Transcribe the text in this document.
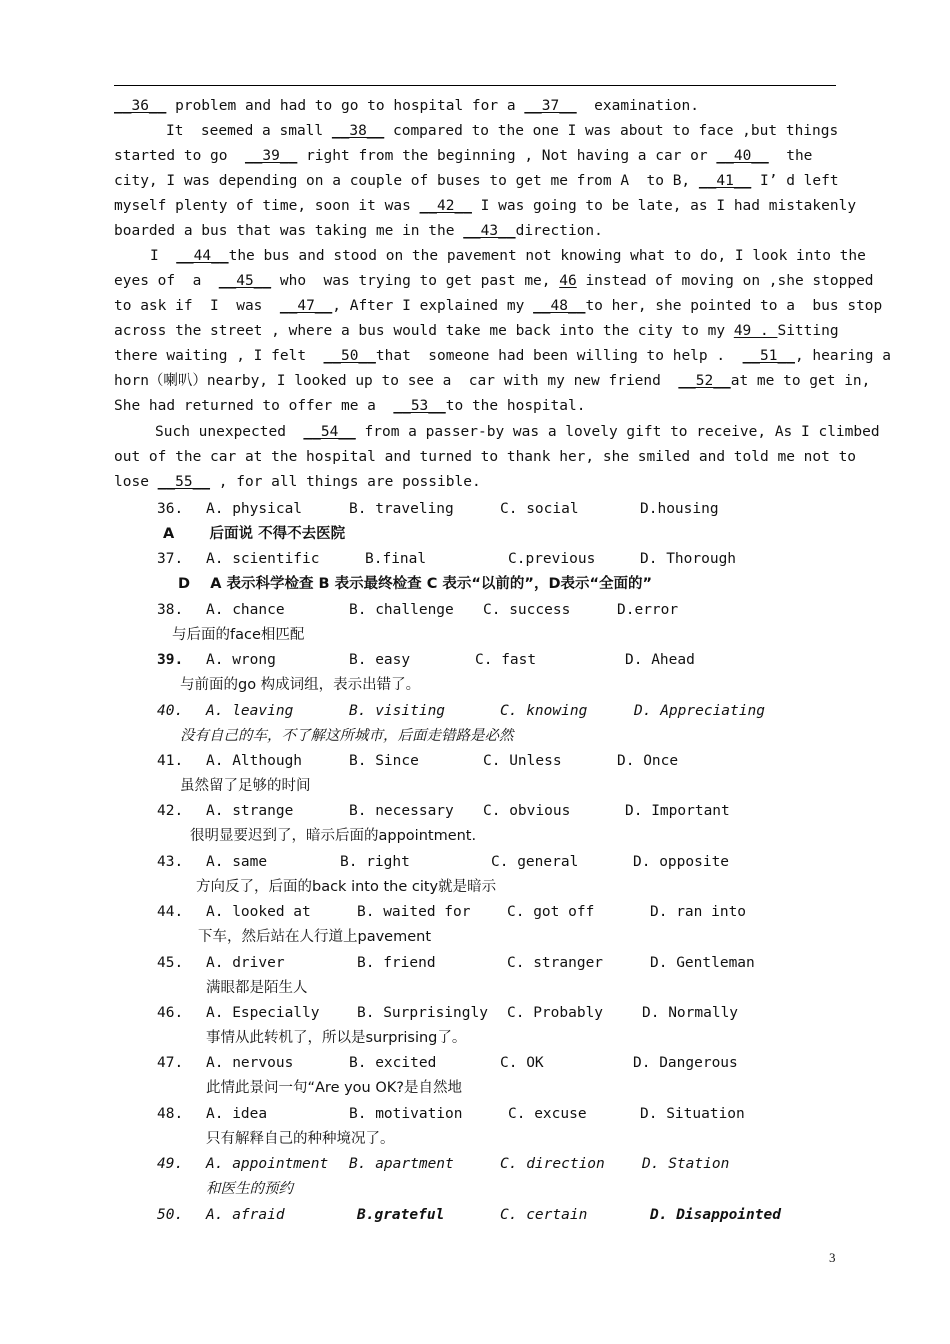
__36__ problem and had to go to hospital for a __37__  examination.
It  seemed a small __38__ compared to the one I was about to face ,but things
started to go  __39__ right from the beginning , Not having a car or __40__  the
city, I was depending on a couple of buses to get me from A  to B, __41__ I’ d left
myself plenty of time, soon it was __42__ I was going to be late, as I had mistakenly
boarded a bus that was taking me in the __43__direction.
I  __44__the bus and stood on the pavement not knowing what to do, I look into the
eyes of  a  __45__ who  was trying to get past me, 46 instead of moving on ,she stopped
to ask if  I  was  __47__, After I explained my __48__to her, she pointed to a  bus stop
across the street , where a bus would take me back into the city to my 49 . Sitting
there waiting , I felt  __50__that  someone had been willing to help .  __51__, hearing a
horn（喇叭）nearby, I looked up to see a  car with my new friend  __52__at me to get in,
She had returned to offer me a  __53__to the hospital.
Such unexpected  __54__ from a passer-by was a lovely gift to receive, As I climbed
out of the car at the hospital and turned to thank her, she smiled and told me not to
lose __55__ , for all things are possible.
36. A. physical	B. traveling	C. social	D.housing
A       后面说 不得不去医院
37. A. scientific	B.final	C.previous	D. Thorough
D    A 表示科学检查 B 表示最终检查 C 表示“以前的”，D表示“全面的”
38. A. chance	B. challenge C. success	D.error
与后面的face相匹配
39. A. wrong	B. easy	C. fast	D. Ahead
与前面的go 构成词组，表示出错了。
40. A. leaving	B. visiting	C. knowing	D. Appreciating
没有自己的车，不了解这所城市，后面走错路是必然
41. A. Although	B. Since	C. Unless	D. Once
虽然留了足够的时间
42. A. strange	B. necessary C. obvious	D. Important
很明显要迟到了，暗示后面的appointment.
43. A. same	B. right	C. general	D. opposite
方向反了，后面的back into the city就是暗示
44. A. looked at	B. waited for	C. got off	D. ran into
下车，然后站在人行道上pavement
45. A. driver	B. friend	C. stranger	D. Gentleman
满眼都是陌生人
46. A. Especially	B. Surprisingly C. Probably	D. Normally
事情从此转机了，所以是surprising了。
47. A. nervous	B. excited	C. OK	D. Dangerous
此情此景问一句“Are you OK?是自然地
48. A. idea	B. motivation	C. excuse	D. Situation
只有解释自己的种种境况了。
49. A. appointment B. apartment	C. direction	D. Station
和医生的预约
50. A. afraid	B.grateful	C. certain	D. Disappointed
3
